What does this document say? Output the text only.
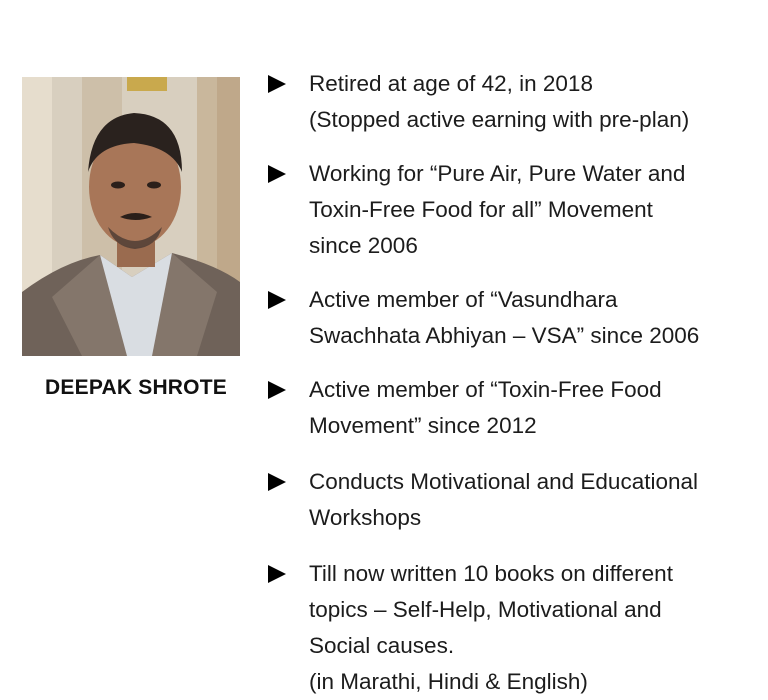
DEEPAK SHROTE
Retired at age of 42, in 2018
(Stopped active earning with pre-plan)
Working for “Pure Air, Pure Water and
Toxin-Free Food for all” Movement
since 2006
Active member of “Vasundhara
Swachhata Abhiyan – VSA” since 2006
Active member of “Toxin-Free Food
Movement” since 2012
Conducts Motivational and Educational
Workshops
Till now written 10 books on different
topics – Self-Help, Motivational and
Social causes.
(in Marathi, Hindi & English)
